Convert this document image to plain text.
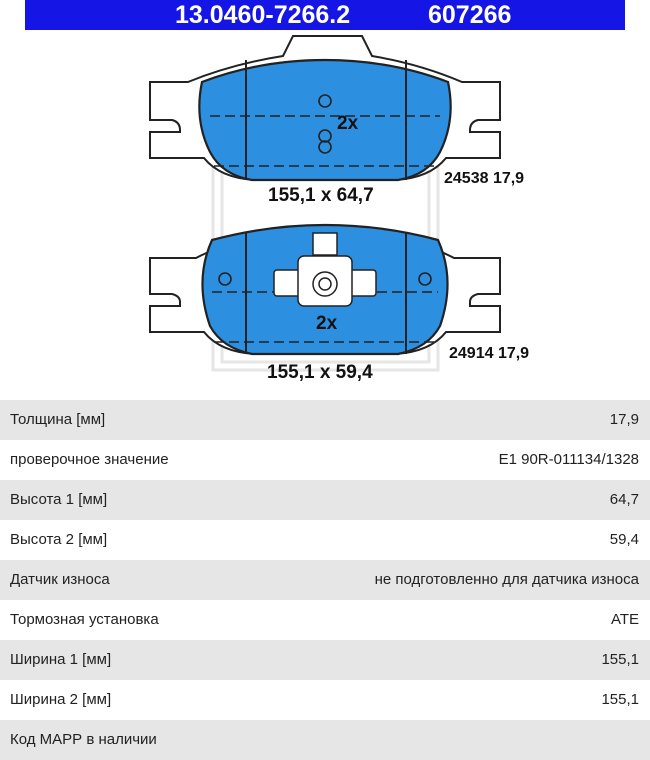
13.0460-7266.2	607266
2x
155,1 x 64,7
24538 17,9
2x
155,1 x 59,4
24914 17,9
Толщина [мм]	17,9
проверочное значение	E1 90R-011134/1328
Высота 1 [мм]	64,7
Высота 2 [мм]	59,4
Датчик износа	не подготовленно для датчика износа
Тормозная установка	ATE
Ширина 1 [мм]	155,1
Ширина 2 [мм]	155,1
Код МАРР в наличии
